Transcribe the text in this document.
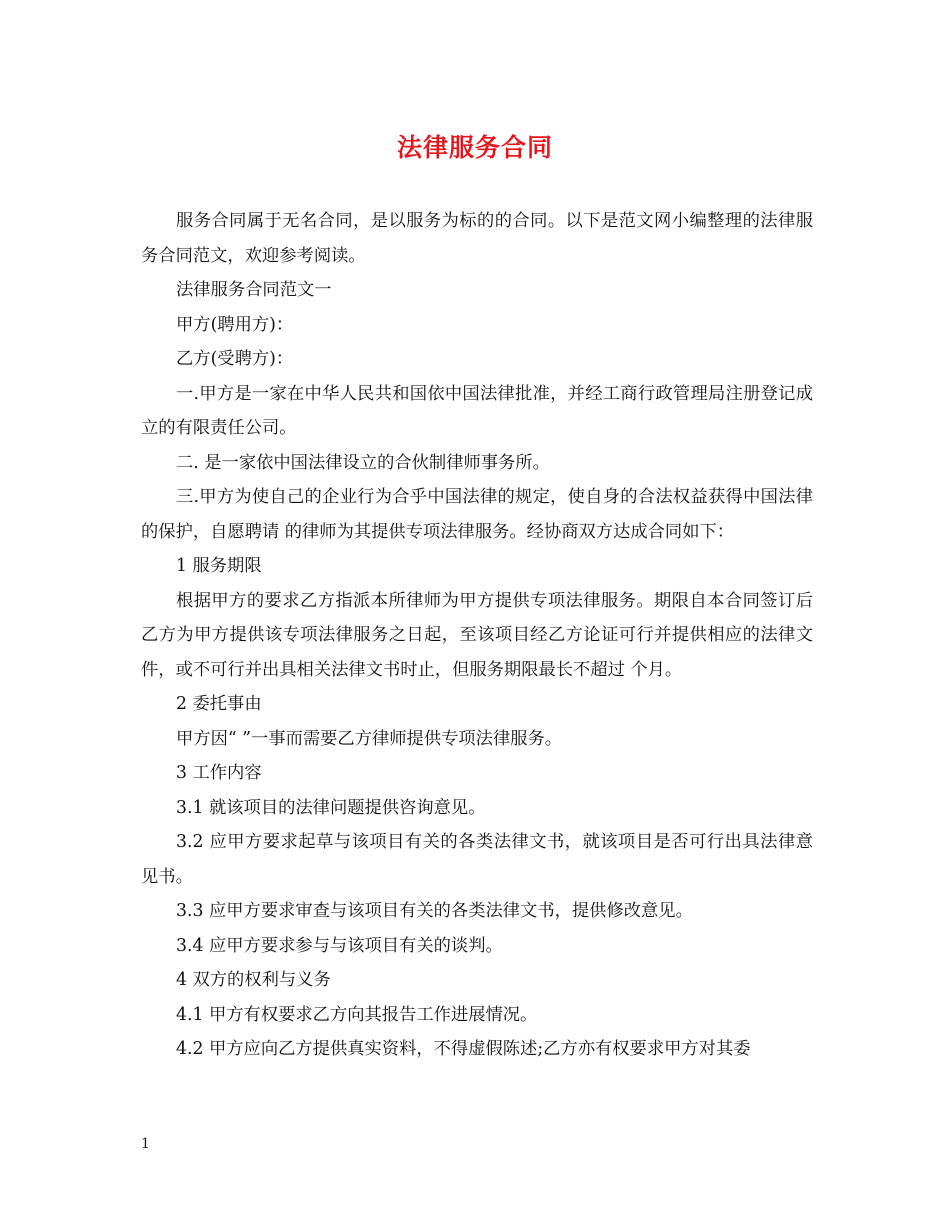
法律服务合同

服务合同属于无名合同，是以服务为标的的合同。以下是范文网小编整理的法律服务合同范文，欢迎参考阅读。

法律服务合同范文一

甲方(聘用方)：

乙方(受聘方)：

一.甲方是一家在中华人民共和国依中国法律批准，并经工商行政管理局注册登记成立的有限责任公司。

二. 是一家依中国法律设立的合伙制律师事务所。

三.甲方为使自己的企业行为合乎中国法律的规定，使自身的合法权益获得中国法律的保护，自愿聘请 的律师为其提供专项法律服务。经协商双方达成合同如下：

1 服务期限

根据甲方的要求乙方指派本所律师为甲方提供专项法律服务。期限自本合同签订后乙方为甲方提供该专项法律服务之日起，至该项目经乙方论证可行并提供相应的法律文件，或不可行并出具相关法律文书时止，但服务期限最长不超过 个月。

2 委托事由

甲方因“ ”一事而需要乙方律师提供专项法律服务。

3 工作内容

3.1 就该项目的法律问题提供咨询意见。

3.2 应甲方要求起草与该项目有关的各类法律文书，就该项目是否可行出具法律意见书。

3.3 应甲方要求审查与该项目有关的各类法律文书，提供修改意见。

3.4 应甲方要求参与与该项目有关的谈判。

4 双方的权利与义务

4.1 甲方有权要求乙方向其报告工作进展情况。

4.2 甲方应向乙方提供真实资料，不得虚假陈述;乙方亦有权要求甲方对其委

1
